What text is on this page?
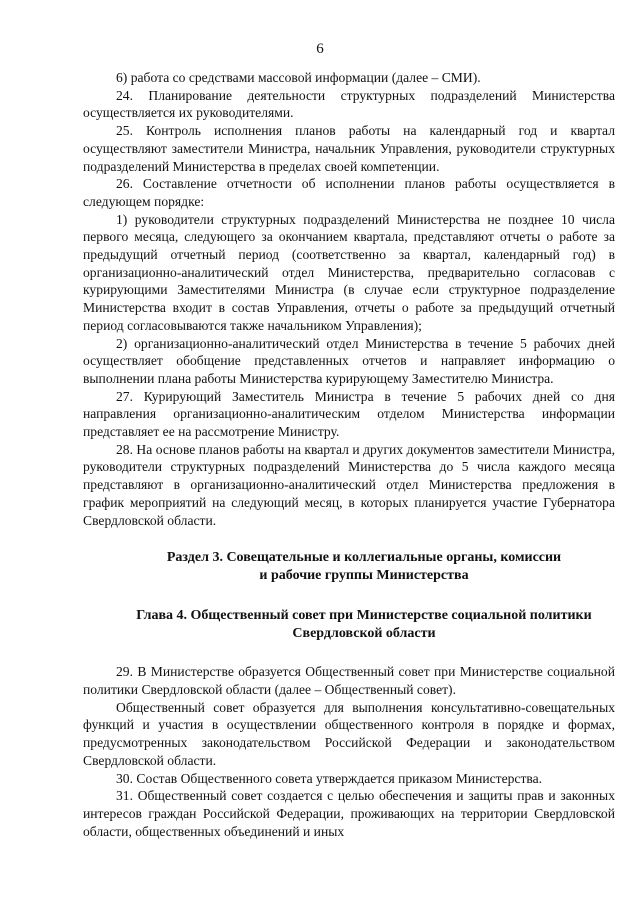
6

6) работа со средствами массовой информации (далее – СМИ).

24. Планирование деятельности структурных подразделений Министерства осуществляется их руководителями.

25. Контроль исполнения планов работы на календарный год и квартал осуществляют заместители Министра, начальник Управления, руководители структурных подразделений Министерства в пределах своей компетенции.

26. Составление отчетности об исполнении планов работы осуществляется в следующем порядке:

1) руководители структурных подразделений Министерства не позднее 10 числа первого месяца, следующего за окончанием квартала, представляют отчеты о работе за предыдущий отчетный период (соответственно за квартал, календарный год) в организационно-аналитический отдел Министерства, предварительно согласовав с курирующими Заместителями Министра (в случае если структурное подразделение Министерства входит в состав Управления, отчеты о работе за предыдущий отчетный период согласовываются также начальником Управления);

2) организационно-аналитический отдел Министерства в течение 5 рабочих дней осуществляет обобщение представленных отчетов и направляет информацию о выполнении плана работы Министерства курирующему Заместителю Министра.

27. Курирующий Заместитель Министра в течение 5 рабочих дней со дня направления организационно-аналитическим отделом Министерства информации представляет ее на рассмотрение Министру.

28. На основе планов работы на квартал и других документов заместители Министра, руководители структурных подразделений Министерства до 5 числа каждого месяца представляют в организационно-аналитический отдел Министерства предложения в график мероприятий на следующий месяц, в которых планируется участие Губернатора Свердловской области.

Раздел 3. Совещательные и коллегиальные органы, комиссии
и рабочие группы Министерства
Глава 4. Общественный совет при Министерстве социальной политики
Свердловской области

29. В Министерстве образуется Общественный совет при Министерстве социальной политики Свердловской области (далее – Общественный совет).

Общественный совет образуется для выполнения консультативно-совещательных функций и участия в осуществлении общественного контроля в порядке и формах, предусмотренных законодательством Российской Федерации и законодательством Свердловской области.

30. Состав Общественного совета утверждается приказом Министерства.

31. Общественный совет создается с целью обеспечения и защиты прав и законных интересов граждан Российской Федерации, проживающих на территории Свердловской области, общественных объединений и иных
